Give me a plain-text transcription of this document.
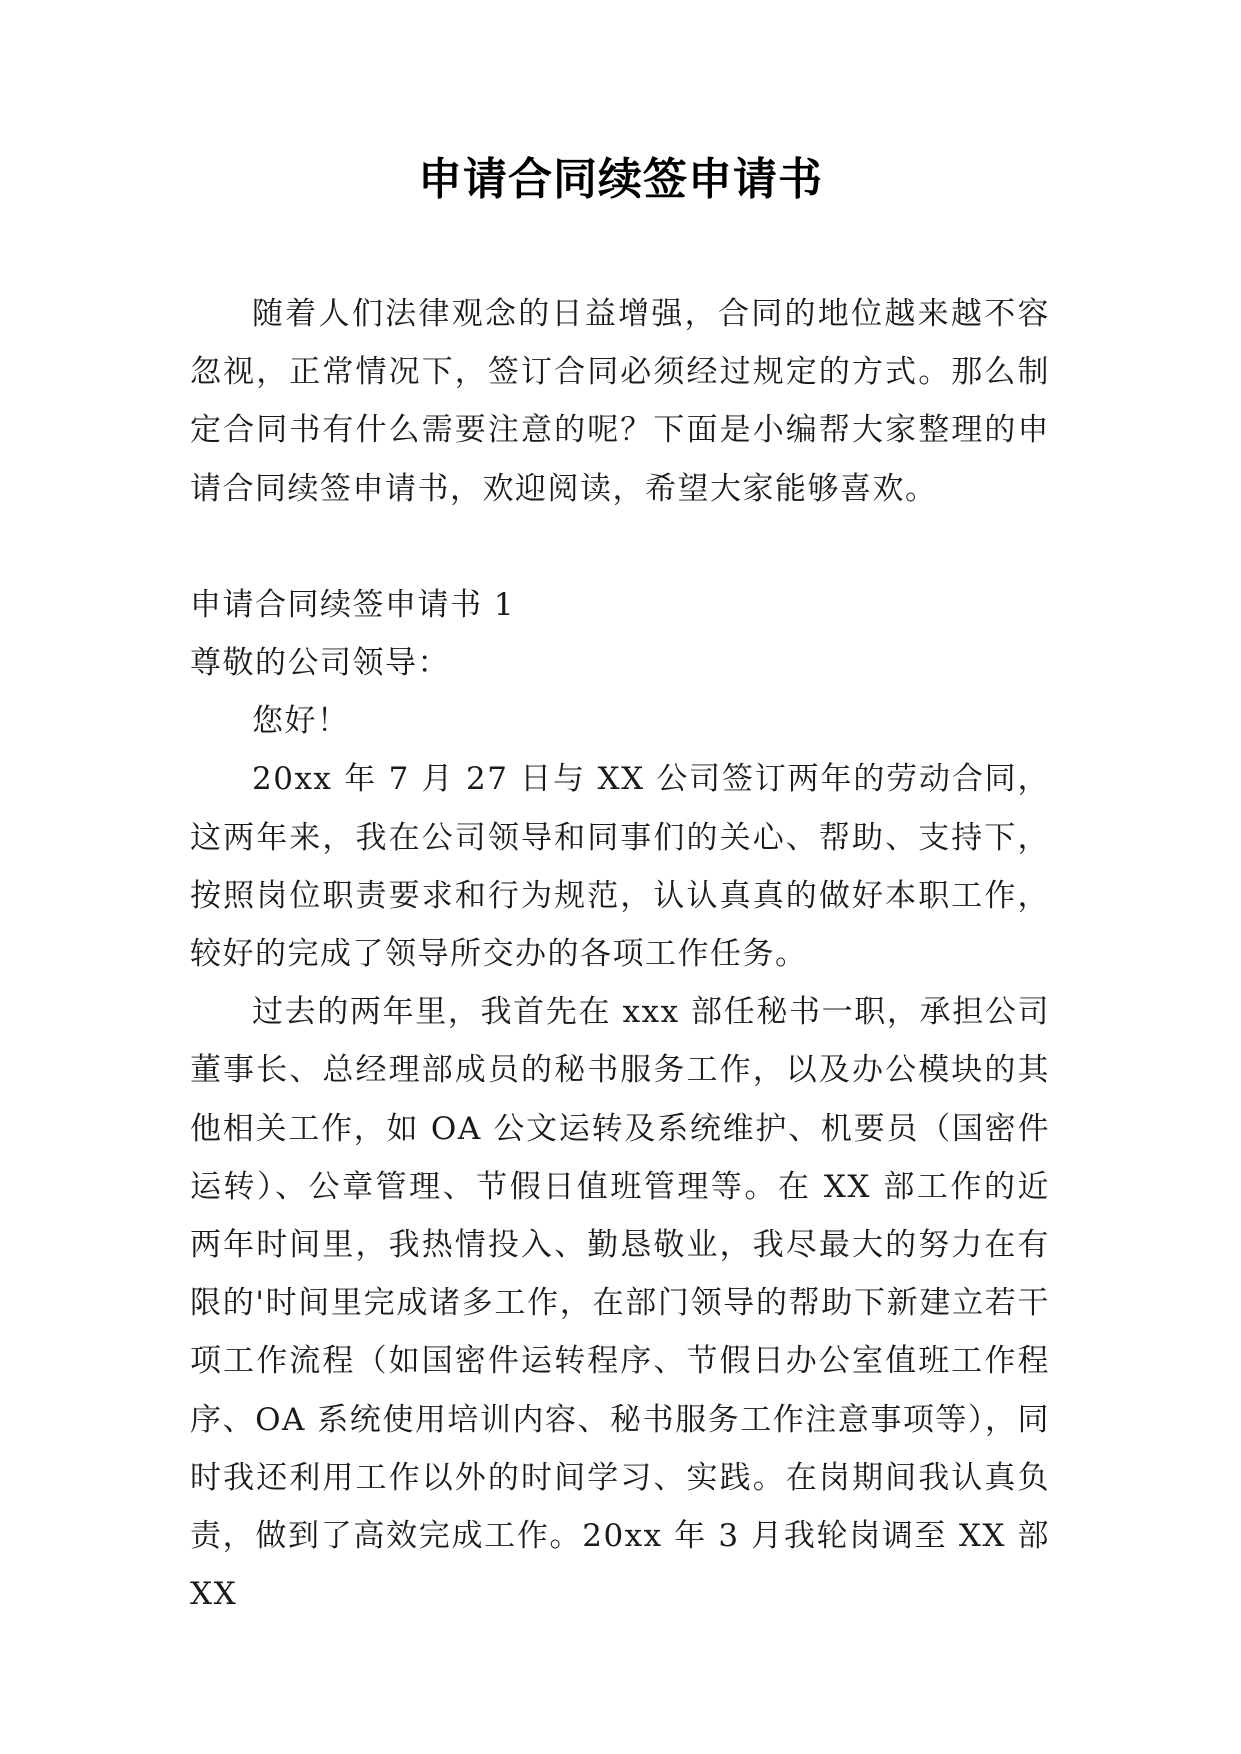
申请合同续签申请书

随着人们法律观念的日益增强，合同的地位越来越不容忽视，正常情况下，签订合同必须经过规定的方式。那么制定合同书有什么需要注意的呢？下面是小编帮大家整理的申请合同续签申请书，欢迎阅读，希望大家能够喜欢。

申请合同续签申请书 1

尊敬的公司领导：

您好！

20xx 年 7 月 27 日与 XX 公司签订两年的劳动合同，这两年来，我在公司领导和同事们的关心、帮助、支持下，按照岗位职责要求和行为规范，认认真真的做好本职工作，较好的完成了领导所交办的各项工作任务。

过去的两年里，我首先在 xxx 部任秘书一职，承担公司董事长、总经理部成员的秘书服务工作，以及办公模块的其他相关工作，如 OA 公文运转及系统维护、机要员（国密件运转）、公章管理、节假日值班管理等。在 XX 部工作的近两年时间里，我热情投入、勤恳敬业，我尽最大的努力在有限的'时间里完成诸多工作，在部门领导的帮助下新建立若干项工作流程（如国密件运转程序、节假日办公室值班工作程序、OA 系统使用培训内容、秘书服务工作注意事项等），同时我还利用工作以外的时间学习、实践。在岗期间我认真负责，做到了高效完成工作。20xx 年 3 月我轮岗调至 XX 部 XX
